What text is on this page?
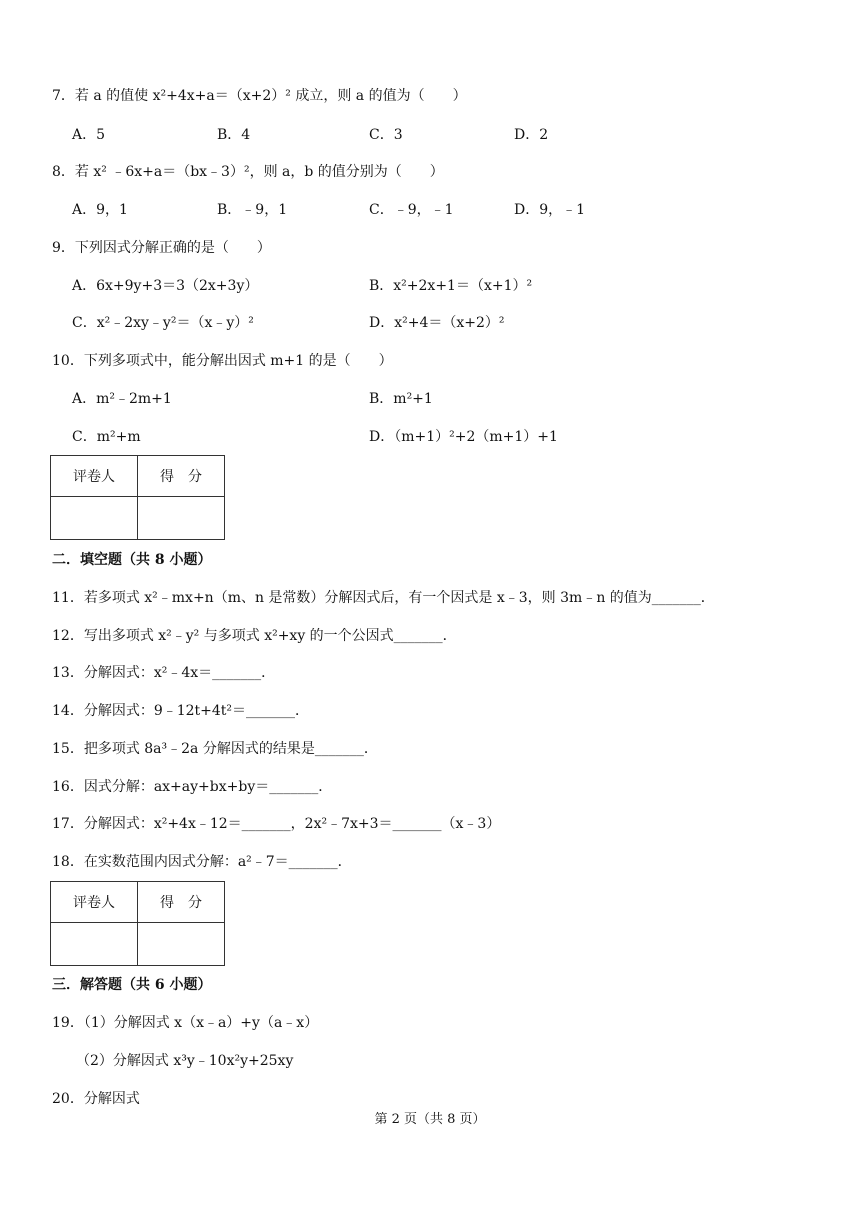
7．若 a 的值使 x²+4x+a＝（x+2）² 成立，则 a 的值为（　　）
A．5	B．4	C．3	D．2
8．若 x² ﹣6x+a＝（bx﹣3）²，则 a，b 的值分别为（　　）
A．9，1	B．﹣9，1	C．﹣9，﹣1	D．9，﹣1
9．下列因式分解正确的是（　　）
A．6x+9y+3＝3（2x+3y）	B．x²+2x+1＝（x+1）²
C．x²﹣2xy﹣y²＝（x﹣y）²	D．x²+4＝（x+2）²
10．下列多项式中，能分解出因式 m+1 的是（　　）
A．m²﹣2m+1	B．m²+1
C．m²+m	D．（m+1）²+2（m+1）+1
评卷人	得　分

二．填空题（共 8 小题）
11．若多项式 x²﹣mx+n（m、n 是常数）分解因式后，有一个因式是 x﹣3，则 3m﹣n 的值为_______．
12．写出多项式 x²﹣y² 与多项式 x²+xy 的一个公因式_______．
13．分解因式：x²﹣4x＝_______．
14．分解因式：9﹣12t+4t²＝_______．
15．把多项式 8a³﹣2a 分解因式的结果是_______．
16．因式分解：ax+ay+bx+by＝_______．
17．分解因式：x²+4x﹣12＝_______，2x²﹣7x+3＝_______（x﹣3）
18．在实数范围内因式分解：a²﹣7＝_______．
评卷人	得　分

三．解答题（共 6 小题）
19．（1）分解因式 x（x﹣a）+y（a﹣x）
（2）分解因式 x³y﹣10x²y+25xy
20．分解因式
第 2 页（共 8 页）
